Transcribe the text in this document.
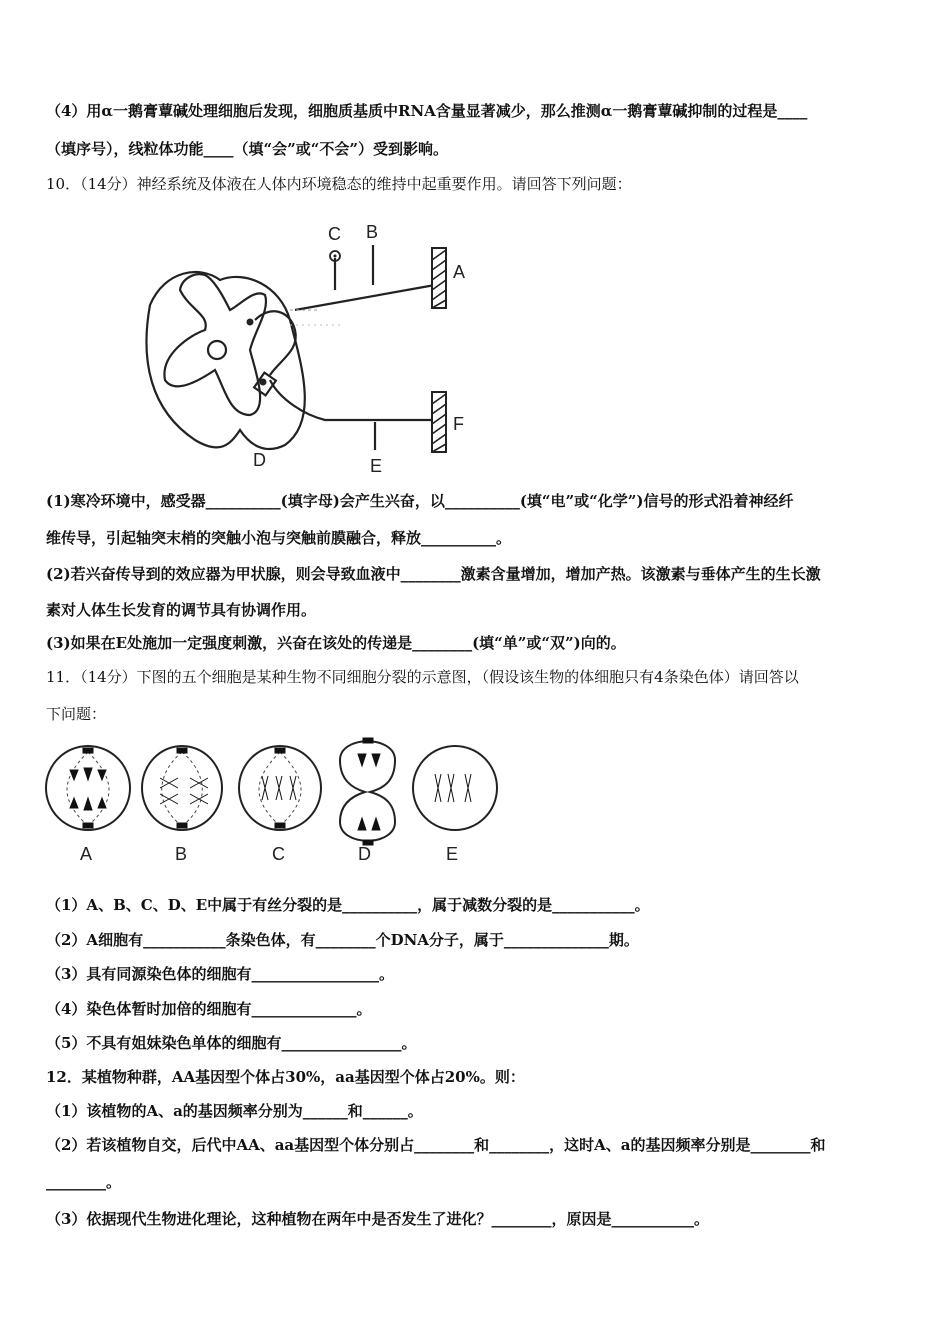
（4）用α一鹅膏蕈碱处理细胞后发现，细胞质基质中RNA含量显著减少，那么推测α一鹅膏蕈碱抑制的过程是____
（填序号），线粒体功能____（填“会”或“不会”）受到影响。
10．（14分）神经系统及体液在人体内环境稳态的维持中起重要作用。请回答下列问题：
A
B
C
D	E
F
(1)寒冷环境中，感受器__________(填字母)会产生兴奋，以__________(填“电”或“化学”)信号的形式沿着神经纤
维传导，引起轴突末梢的突触小泡与突触前膜融合，释放__________。
(2)若兴奋传导到的效应器为甲状腺，则会导致血液中________激素含量增加，增加产热。该激素与垂体产生的生长激
素对人体生长发育的调节具有协调作用。
(3)如果在E处施加一定强度刺激，兴奋在该处的传递是________(填“单”或“双”)向的。
11．（14分）下图的五个细胞是某种生物不同细胞分裂的示意图，（假设该生物的体细胞只有4条染色体）请回答以
下问题：
A	B	C	D	E
（1）A、B、C、D、E中属于有丝分裂的是__________，属于减数分裂的是___________。
（2）A细胞有___________条染色体，有________个DNA分子，属于______________期。
（3）具有同源染色体的细胞有_________________。
（4）染色体暂时加倍的细胞有______________。
（5）不具有姐妹染色单体的细胞有________________。
12．某植物种群，AA基因型个体占30%，aa基因型个体占20%。则：
（1）该植物的A、a的基因频率分别为______和______。
（2）若该植物自交，后代中AA、aa基因型个体分别占________和________，这时A、a的基因频率分别是________和
________。
（3）依据现代生物进化理论，这种植物在两年中是否发生了进化？________，原因是___________。
